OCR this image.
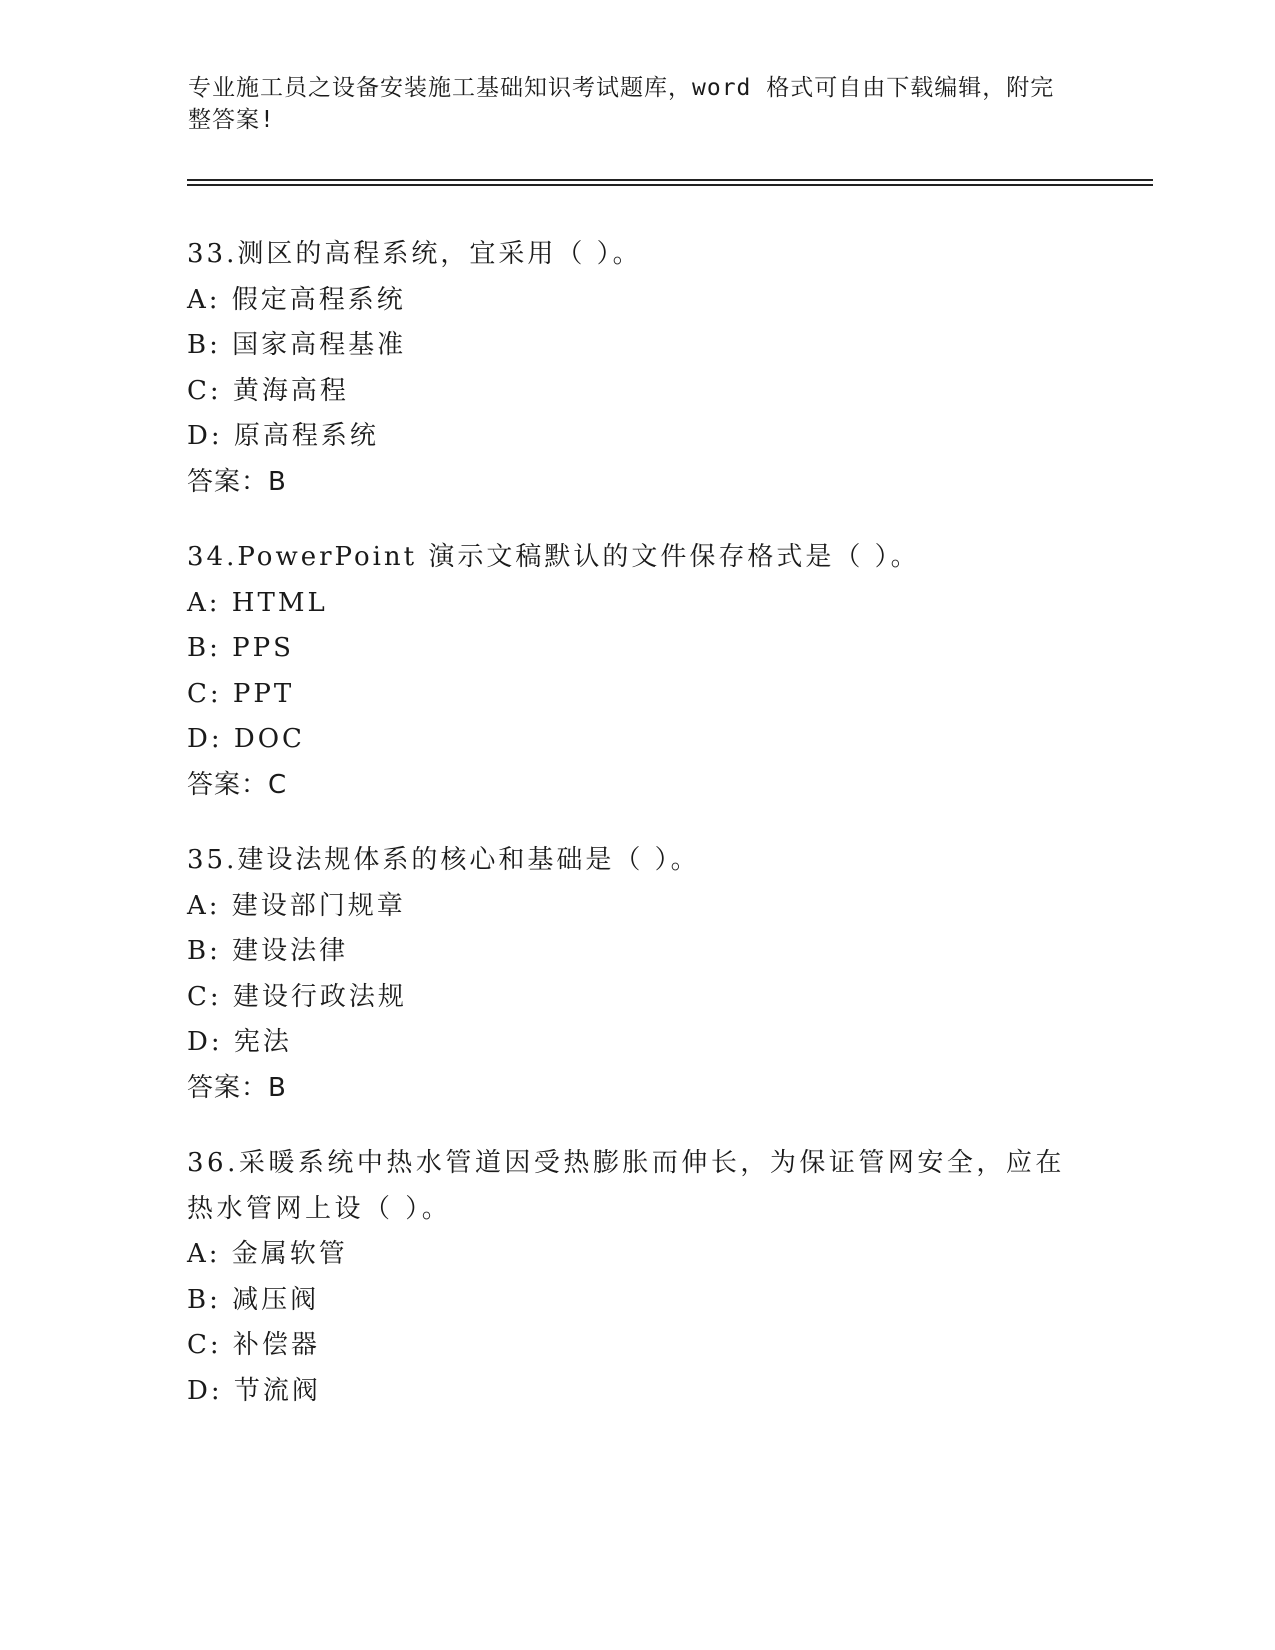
专业施工员之设备安装施工基础知识考试题库，word 格式可自由下载编辑，附完整答案!
33.测区的高程系统，宜采用（ ）。
A: 假定高程系统
B: 国家高程基准
C: 黄海高程
D: 原高程系统
答案：B
34.PowerPoint 演示文稿默认的文件保存格式是（ ）。
A: HTML
B: PPS
C: PPT
D: DOC
答案：C
35.建设法规体系的核心和基础是（ ）。
A: 建设部门规章
B: 建设法律
C: 建设行政法规
D: 宪法
答案：B
36.采暖系统中热水管道因受热膨胀而伸长，为保证管网安全，应在热水管网上设（ ）。
A: 金属软管
B: 减压阀
C: 补偿器
D: 节流阀
